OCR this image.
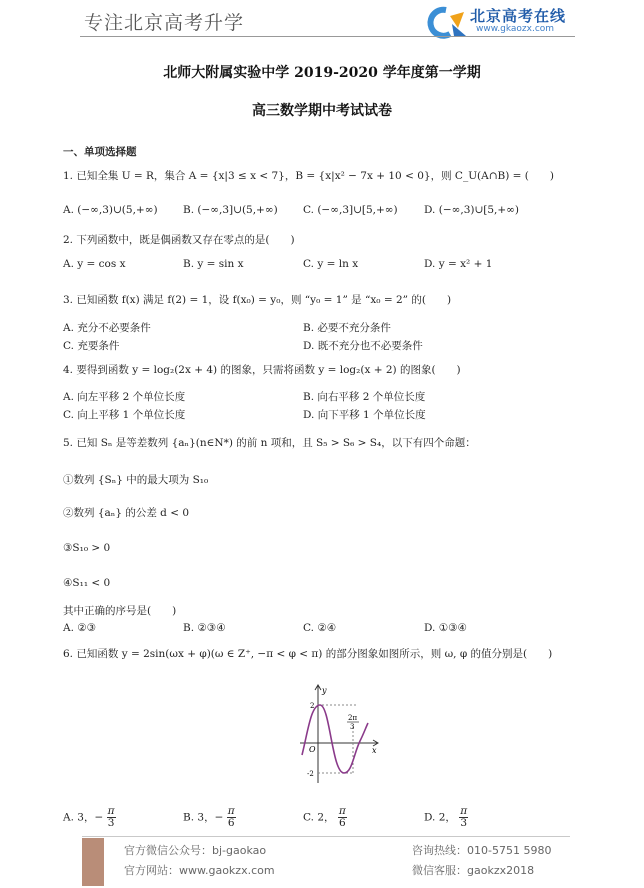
专注北京高考升学	北京高考在线
www.gkaozx.com
北师大附属实验中学 2019-2020 学年度第一学期
高三数学期中考试试卷
一、单项选择题
1. 已知全集 U = R，集合 A = {x|3 ≤ x < 7}，B = {x|x² − 7x + 10 < 0}，则 C_U(A∩B) = (　　)
A. (−∞,3)∪(5,+∞) B. (−∞,3]∪(5,+∞) C. (−∞,3]∪[5,+∞)	D. (−∞,3)∪[5,+∞)
2. 下列函数中，既是偶函数又存在零点的是(　　)
A. y = cos x	B. y = sin x	C. y = ln x	D. y = x² + 1
3. 已知函数 f(x) 满足 f(2) = 1，设 f(x₀) = y₀，则 “y₀ = 1” 是 “x₀ = 2” 的(　　)
A. 充分不必要条件	B. 必要不充分条件
C. 充要条件	D. 既不充分也不必要条件
4. 要得到函数 y = log₂(2x + 4) 的图象，只需将函数 y = log₂(x + 2) 的图象(　　)
A. 向左平移 2 个单位长度	B. 向右平移 2 个单位长度
C. 向上平移 1 个单位长度	D. 向下平移 1 个单位长度
5. 已知 Sₙ 是等差数列 {aₙ}(n∈N*) 的前 n 项和，且 S₅ > S₆ > S₄，以下有四个命题：
①数列 {Sₙ} 中的最大项为 S₁₀
②数列 {aₙ} 的公差 d < 0
③S₁₀ > 0
④S₁₁ < 0
其中正确的序号是(　　)
A. ②③	B. ②③④	C. ②④	D. ①③④
6. 已知函数 y = 2sin(ωx + φ)(ω ∈ Z⁺, −π < φ < π) 的部分图象如图所示，则 ω, φ 的值分别是(　　)
y
x
O
2
-2
2π
3
A. 3，− $\frac{\pi}{3}$	B. 3，− $\frac{\pi}{6}$	C. 2， $\frac{\pi}{6}$	D. 2， $\frac{\pi}{3}$
官方微信公众号：bj-gaokao
官方网站：www.gaokzx.com
咨询热线：010-5751 5980
微信客服：gaokzx2018
